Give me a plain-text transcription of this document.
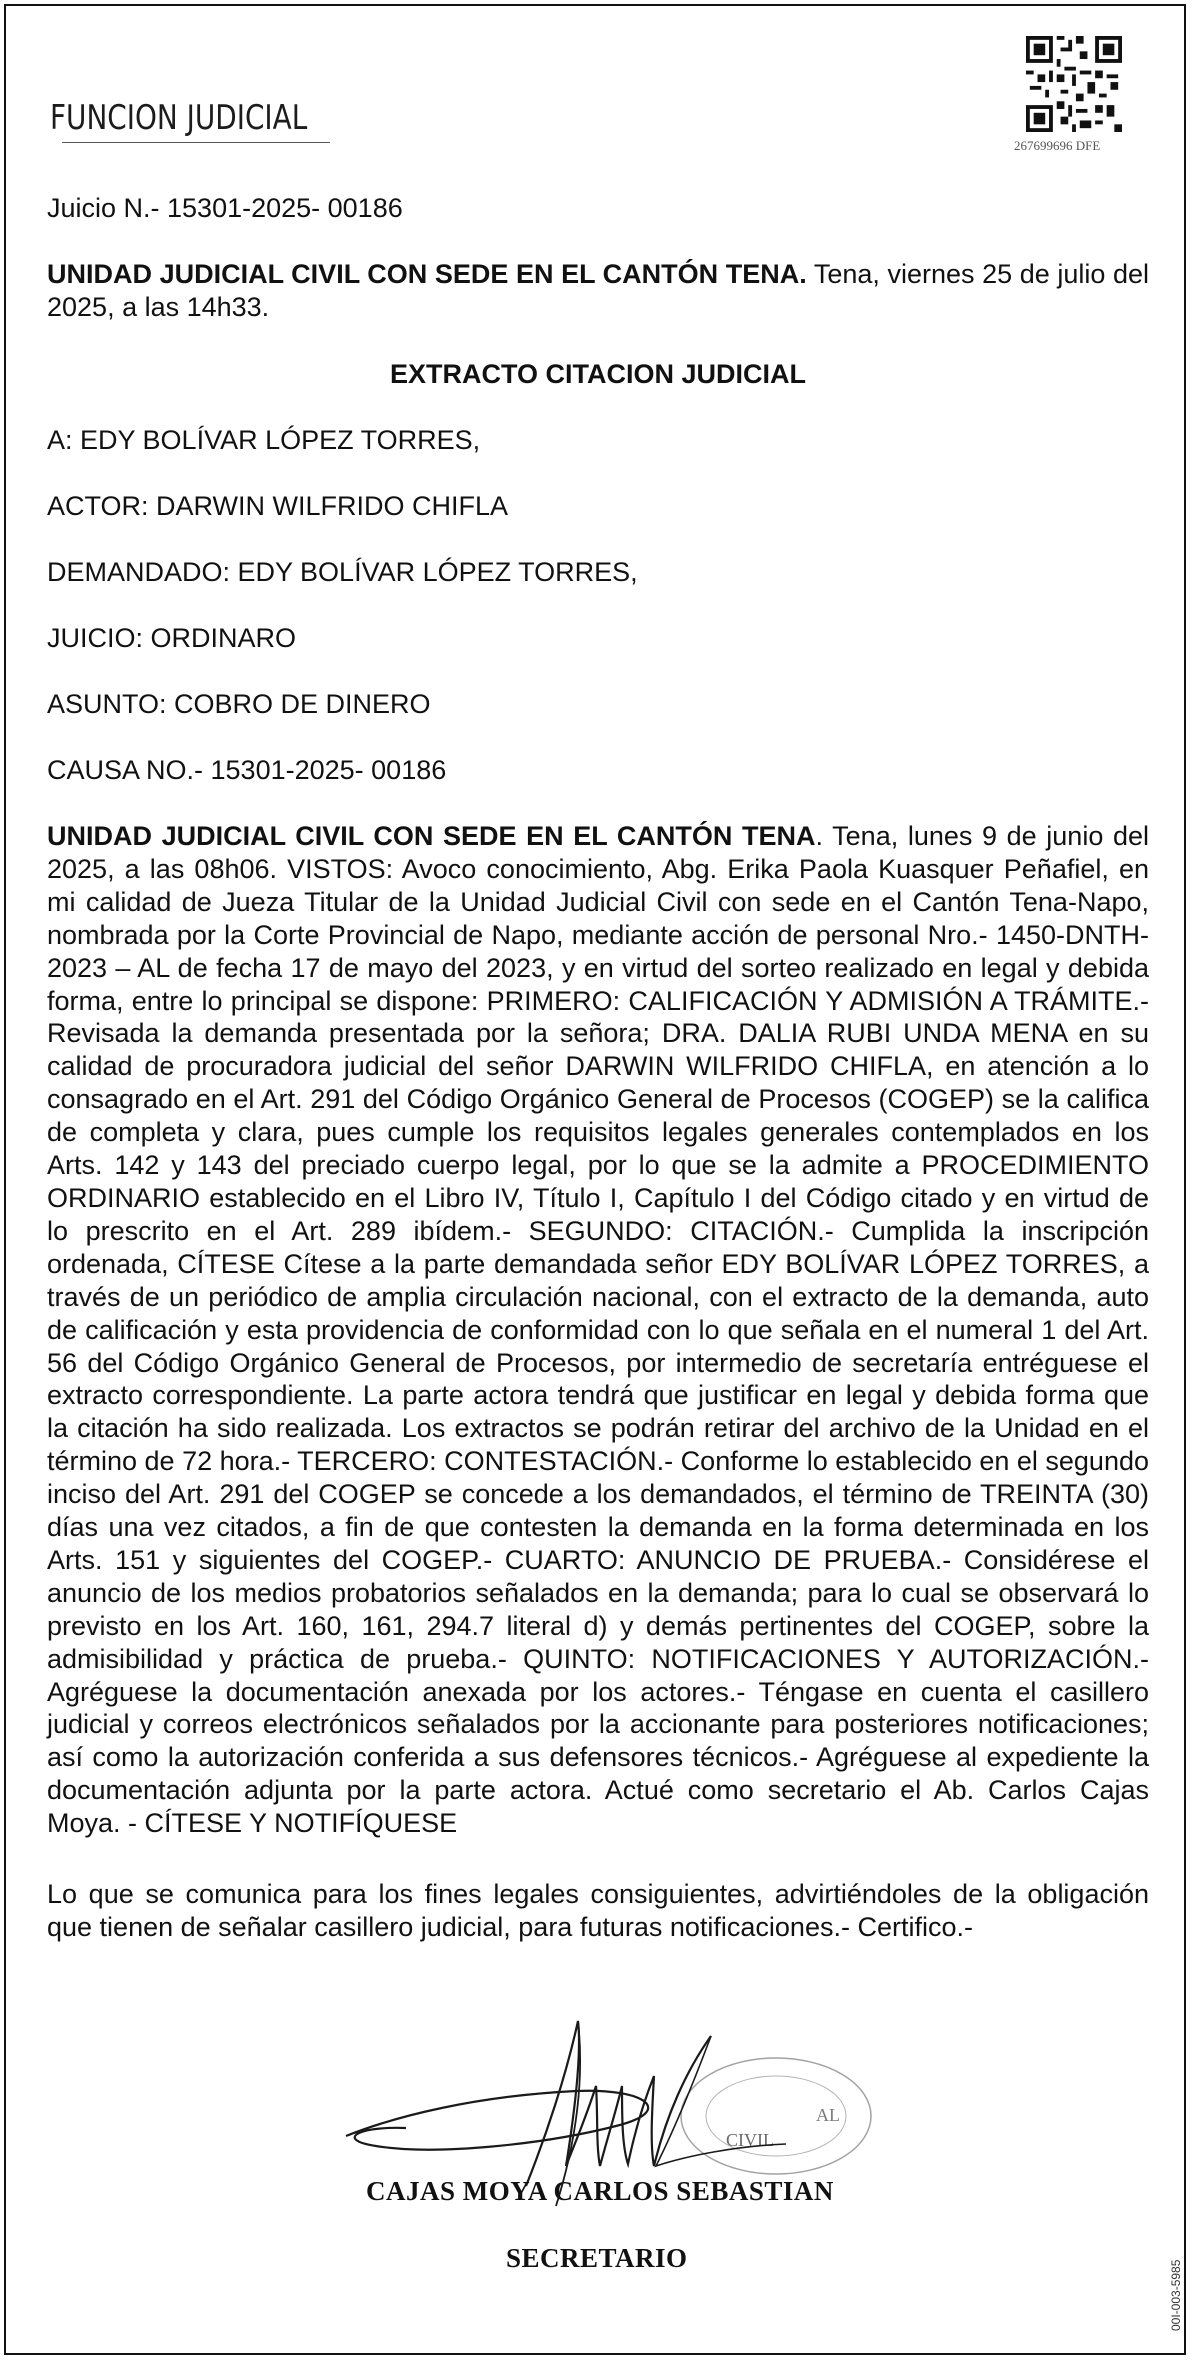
FUNCION JUDICIAL
267699696 DFE

Juicio N.- 15301-2025- 00186

UNIDAD JUDICIAL CIVIL CON SEDE EN EL CANTÓN TENA. Tena, viernes 25 de julio del 2025, a las 14h33.

EXTRACTO CITACION JUDICIAL

A: EDY BOLÍVAR LÓPEZ TORRES,

ACTOR: DARWIN WILFRIDO CHIFLA

DEMANDADO: EDY BOLÍVAR LÓPEZ TORRES,

JUICIO: ORDINARO

ASUNTO: COBRO DE DINERO

CAUSA NO.- 15301-2025- 00186

UNIDAD JUDICIAL CIVIL CON SEDE EN EL CANTÓN TENA. Tena, lunes 9 de junio del 2025, a las 08h06. VISTOS: Avoco conocimiento, Abg. Erika Paola Kuasquer Peñafiel, en mi calidad de Jueza Titular de la Unidad Judicial Civil con sede en el Cantón Tena-Napo, nombrada por la Corte Provincial de Napo, mediante acción de personal Nro.- 1450-DNTH-2023 – AL de fecha 17 de mayo del 2023, y en virtud del sorteo realizado en legal y debida forma, entre lo principal se dispone: PRIMERO: CALIFICACIÓN Y ADMISIÓN A TRÁMITE.- Revisada la demanda presentada por la señora; DRA. DALIA RUBI UNDA MENA en su calidad de procuradora judicial del señor DARWIN WILFRIDO CHIFLA, en atención a lo consagrado en el Art. 291 del Código Orgánico General de Procesos (COGEP) se la califica de completa y clara, pues cumple los requisitos legales generales contemplados en los Arts. 142 y 143 del preciado cuerpo legal, por lo que se la admite a PROCEDIMIENTO ORDINARIO establecido en el Libro IV, Título I, Capítulo I del Código citado y en virtud de lo prescrito en el Art. 289 ibídem.- SEGUNDO: CITACIÓN.- Cumplida la inscripción ordenada, CÍTESE Cítese a la parte demandada señor EDY BOLÍVAR LÓPEZ TORRES, a través de un periódico de amplia circulación nacional, con el extracto de la demanda, auto de calificación y esta providencia de conformidad con lo que señala en el numeral 1 del Art. 56 del Código Orgánico General de Procesos, por intermedio de secretaría entréguese el extracto correspondiente. La parte actora tendrá que justificar en legal y debida forma que la citación ha sido realizada. Los extractos se podrán retirar del archivo de la Unidad en el término de 72 hora.- TERCERO: CONTESTACIÓN.- Conforme lo establecido en el segundo inciso del Art. 291 del COGEP se concede a los demandados, el término de TREINTA (30) días una vez citados, a fin de que contesten la demanda en la forma determinada en los Arts. 151 y siguientes del COGEP.- CUARTO: ANUNCIO DE PRUEBA.- Considérese el anuncio de los medios probatorios señalados en la demanda; para lo cual se observará lo previsto en los Art. 160, 161, 294.7 literal d) y demás pertinentes del COGEP, sobre la admisibilidad y práctica de prueba.- QUINTO: NOTIFICACIONES Y AUTORIZACIÓN.- Agréguese la documentación anexada por los actores.- Téngase en cuenta el casillero judicial y correos electrónicos señalados por la accionante para posteriores notificaciones; así como la autorización conferida a sus defensores técnicos.- Agréguese al expediente la documentación adjunta por la parte actora. Actué como secretario el Ab. Carlos Cajas Moya. - CÍTESE Y NOTIFÍQUESE

Lo que se comunica para los fines legales consiguientes, advirtiéndoles de la obligación que tienen de señalar casillero judicial, para futuras notificaciones.- Certifico.-

CIVIL
AL
CAJAS MOYA CARLOS SEBASTIAN
SECRETARIO
00I-003-5985
